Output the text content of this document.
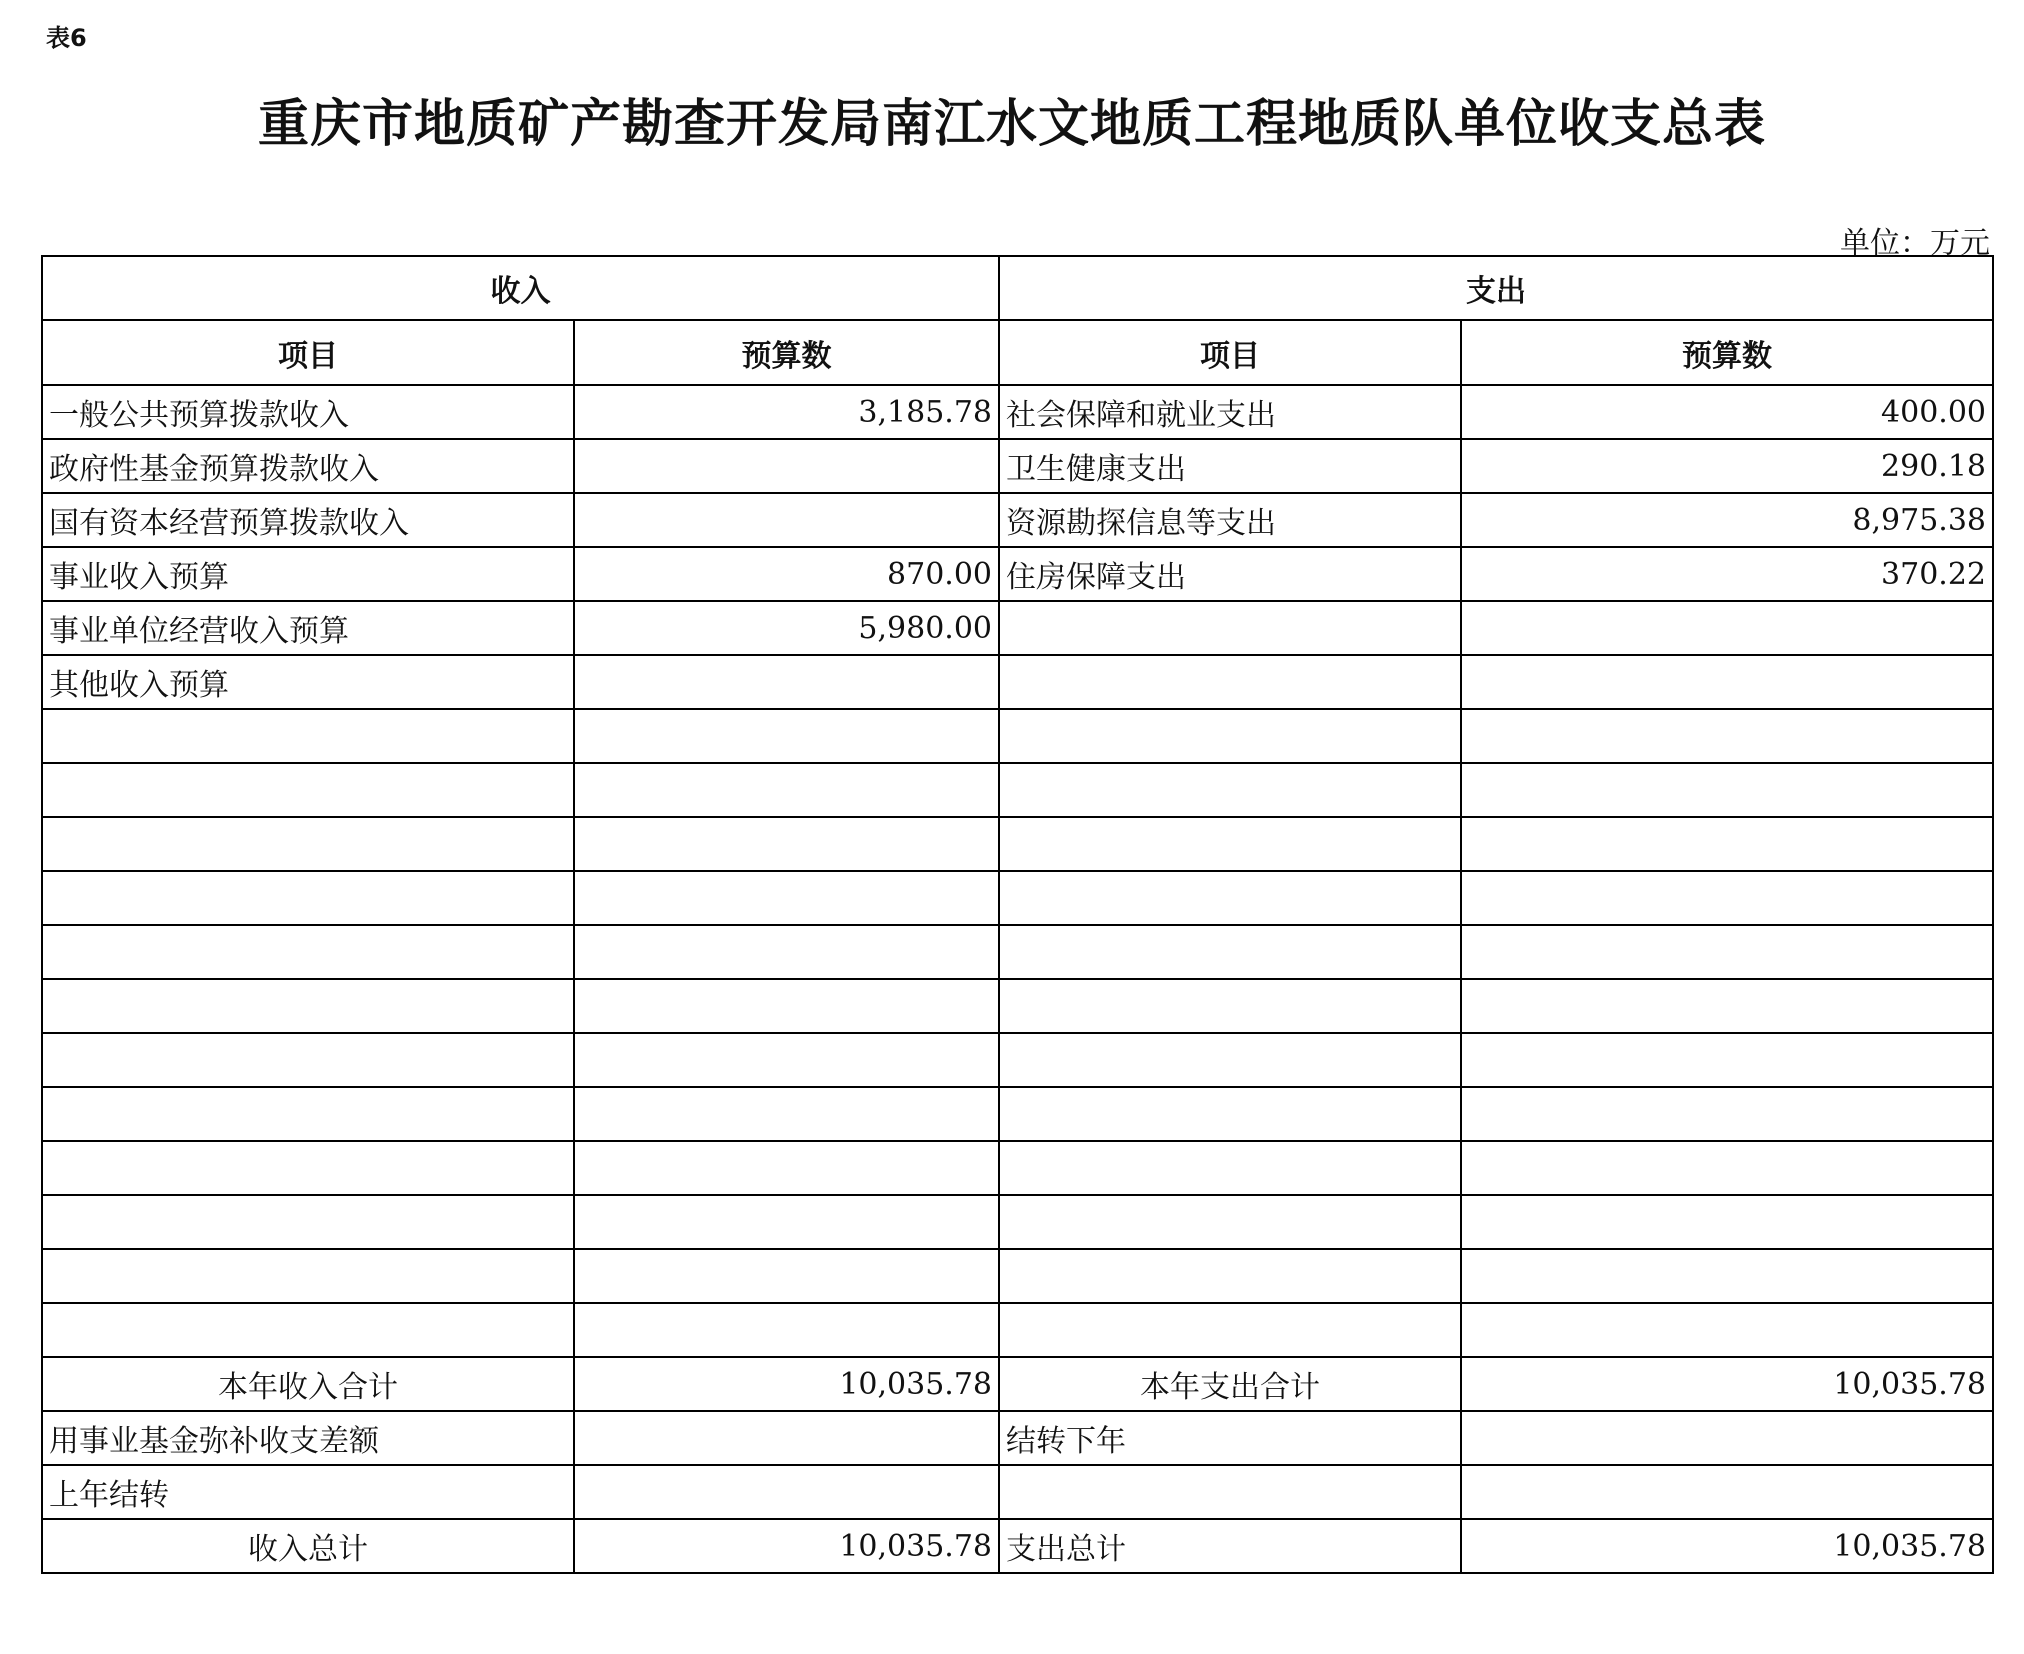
表6
重庆市地质矿产勘查开发局南江水文地质工程地质队单位收支总表
单位：万元
收入		支出	
项目	预算数	项目	预算数
一般公共预算拨款收入	3,185.78	社会保障和就业支出	400.00
政府性基金预算拨款收入		卫生健康支出	290.18
国有资本经营预算拨款收入		资源勘探信息等支出	8,975.38
事业收入预算	870.00	住房保障支出	370.22
事业单位经营收入预算	5,980.00		
其他收入预算			

本年收入合计	10,035.78	本年支出合计	10,035.78
用事业基金弥补收支差额		结转下年	
上年结转			
收入总计	10,035.78	支出总计	10,035.78
